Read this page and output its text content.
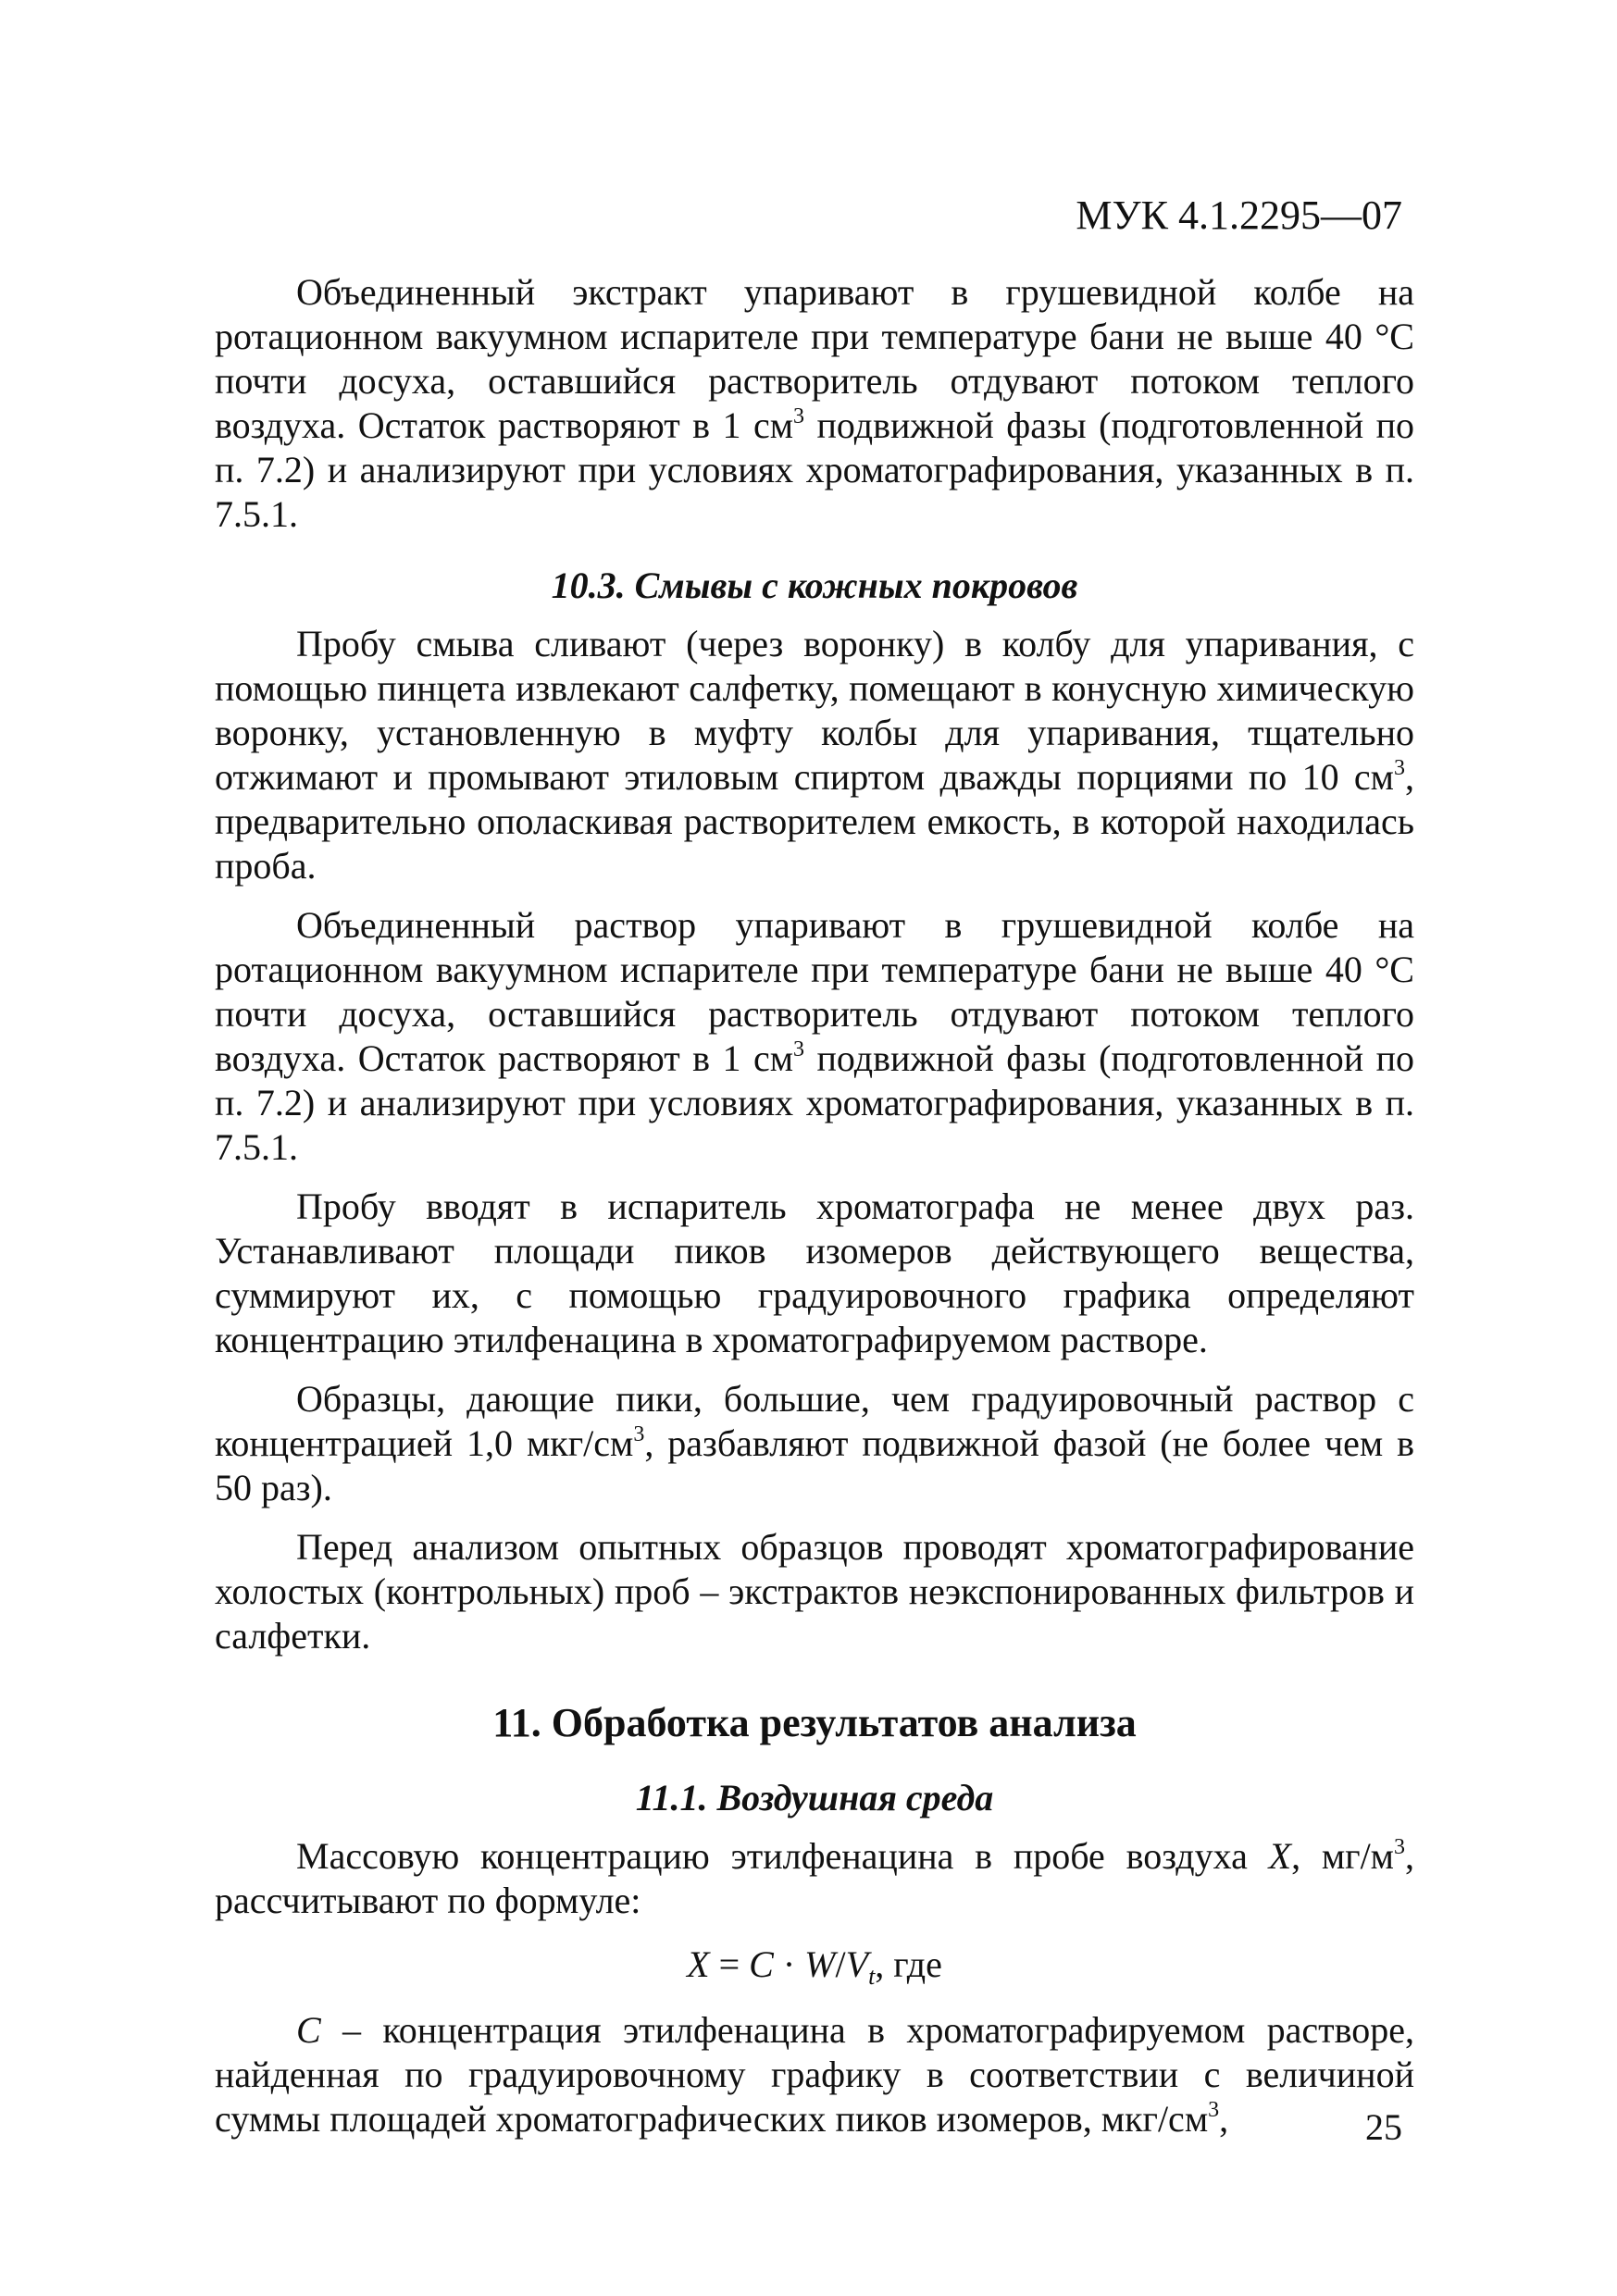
МУК 4.1.2295—07

Объединенный экстракт упаривают в грушевидной колбе на ротационном вакуумном испарителе при температуре бани не выше 40 °С почти досуха, оставшийся растворитель отдувают потоком теплого воздуха. Остаток растворяют в 1 $см^3$ подвижной фазы (подготовленной по п. 7.2) и анализируют при условиях хроматографирования, указанных в п. 7.5.1.

10.3. Смывы с кожных покровов

Пробу смыва сливают (через воронку) в колбу для упаривания, с помощью пинцета извлекают салфетку, помещают в конусную химическую воронку, установленную в муфту колбы для упаривания, тщательно отжимают и промывают этиловым спиртом дважды порциями по 10 $см^3$, предварительно ополаскивая растворителем емкость, в которой находилась проба.

Объединенный раствор упаривают в грушевидной колбе на ротационном вакуумном испарителе при температуре бани не выше 40 °С почти досуха, оставшийся растворитель отдувают потоком теплого воздуха. Остаток растворяют в 1 $см^3$ подвижной фазы (подготовленной по п. 7.2) и анализируют при условиях хроматографирования, указанных в п. 7.5.1.

Пробу вводят в испаритель хроматографа не менее двух раз. Устанавливают площади пиков изомеров действующего вещества, суммируют их, с помощью градуировочного графика определяют концентрацию этилфенацина в хроматографируемом растворе.

Образцы, дающие пики, большие, чем градуировочный раствор с концентрацией 1,0 мкг/$см^3$, разбавляют подвижной фазой (не более чем в 50 раз).

Перед анализом опытных образцов проводят хроматографирование холостых (контрольных) проб – экстрактов неэкспонированных фильтров и салфетки.

11. Обработка результатов анализа
11.1. Воздушная среда

Массовую концентрацию этилфенацина в пробе воздуха X, $мг/м^3$, рассчитывают по формуле:

$X = C \cdot W/V_t$, где

C – концентрация этилфенацина в хроматографируемом растворе, найденная по градуировочному графику в соответствии с величиной суммы площадей хроматографических пиков изомеров, мкг/$см^3$,	25
